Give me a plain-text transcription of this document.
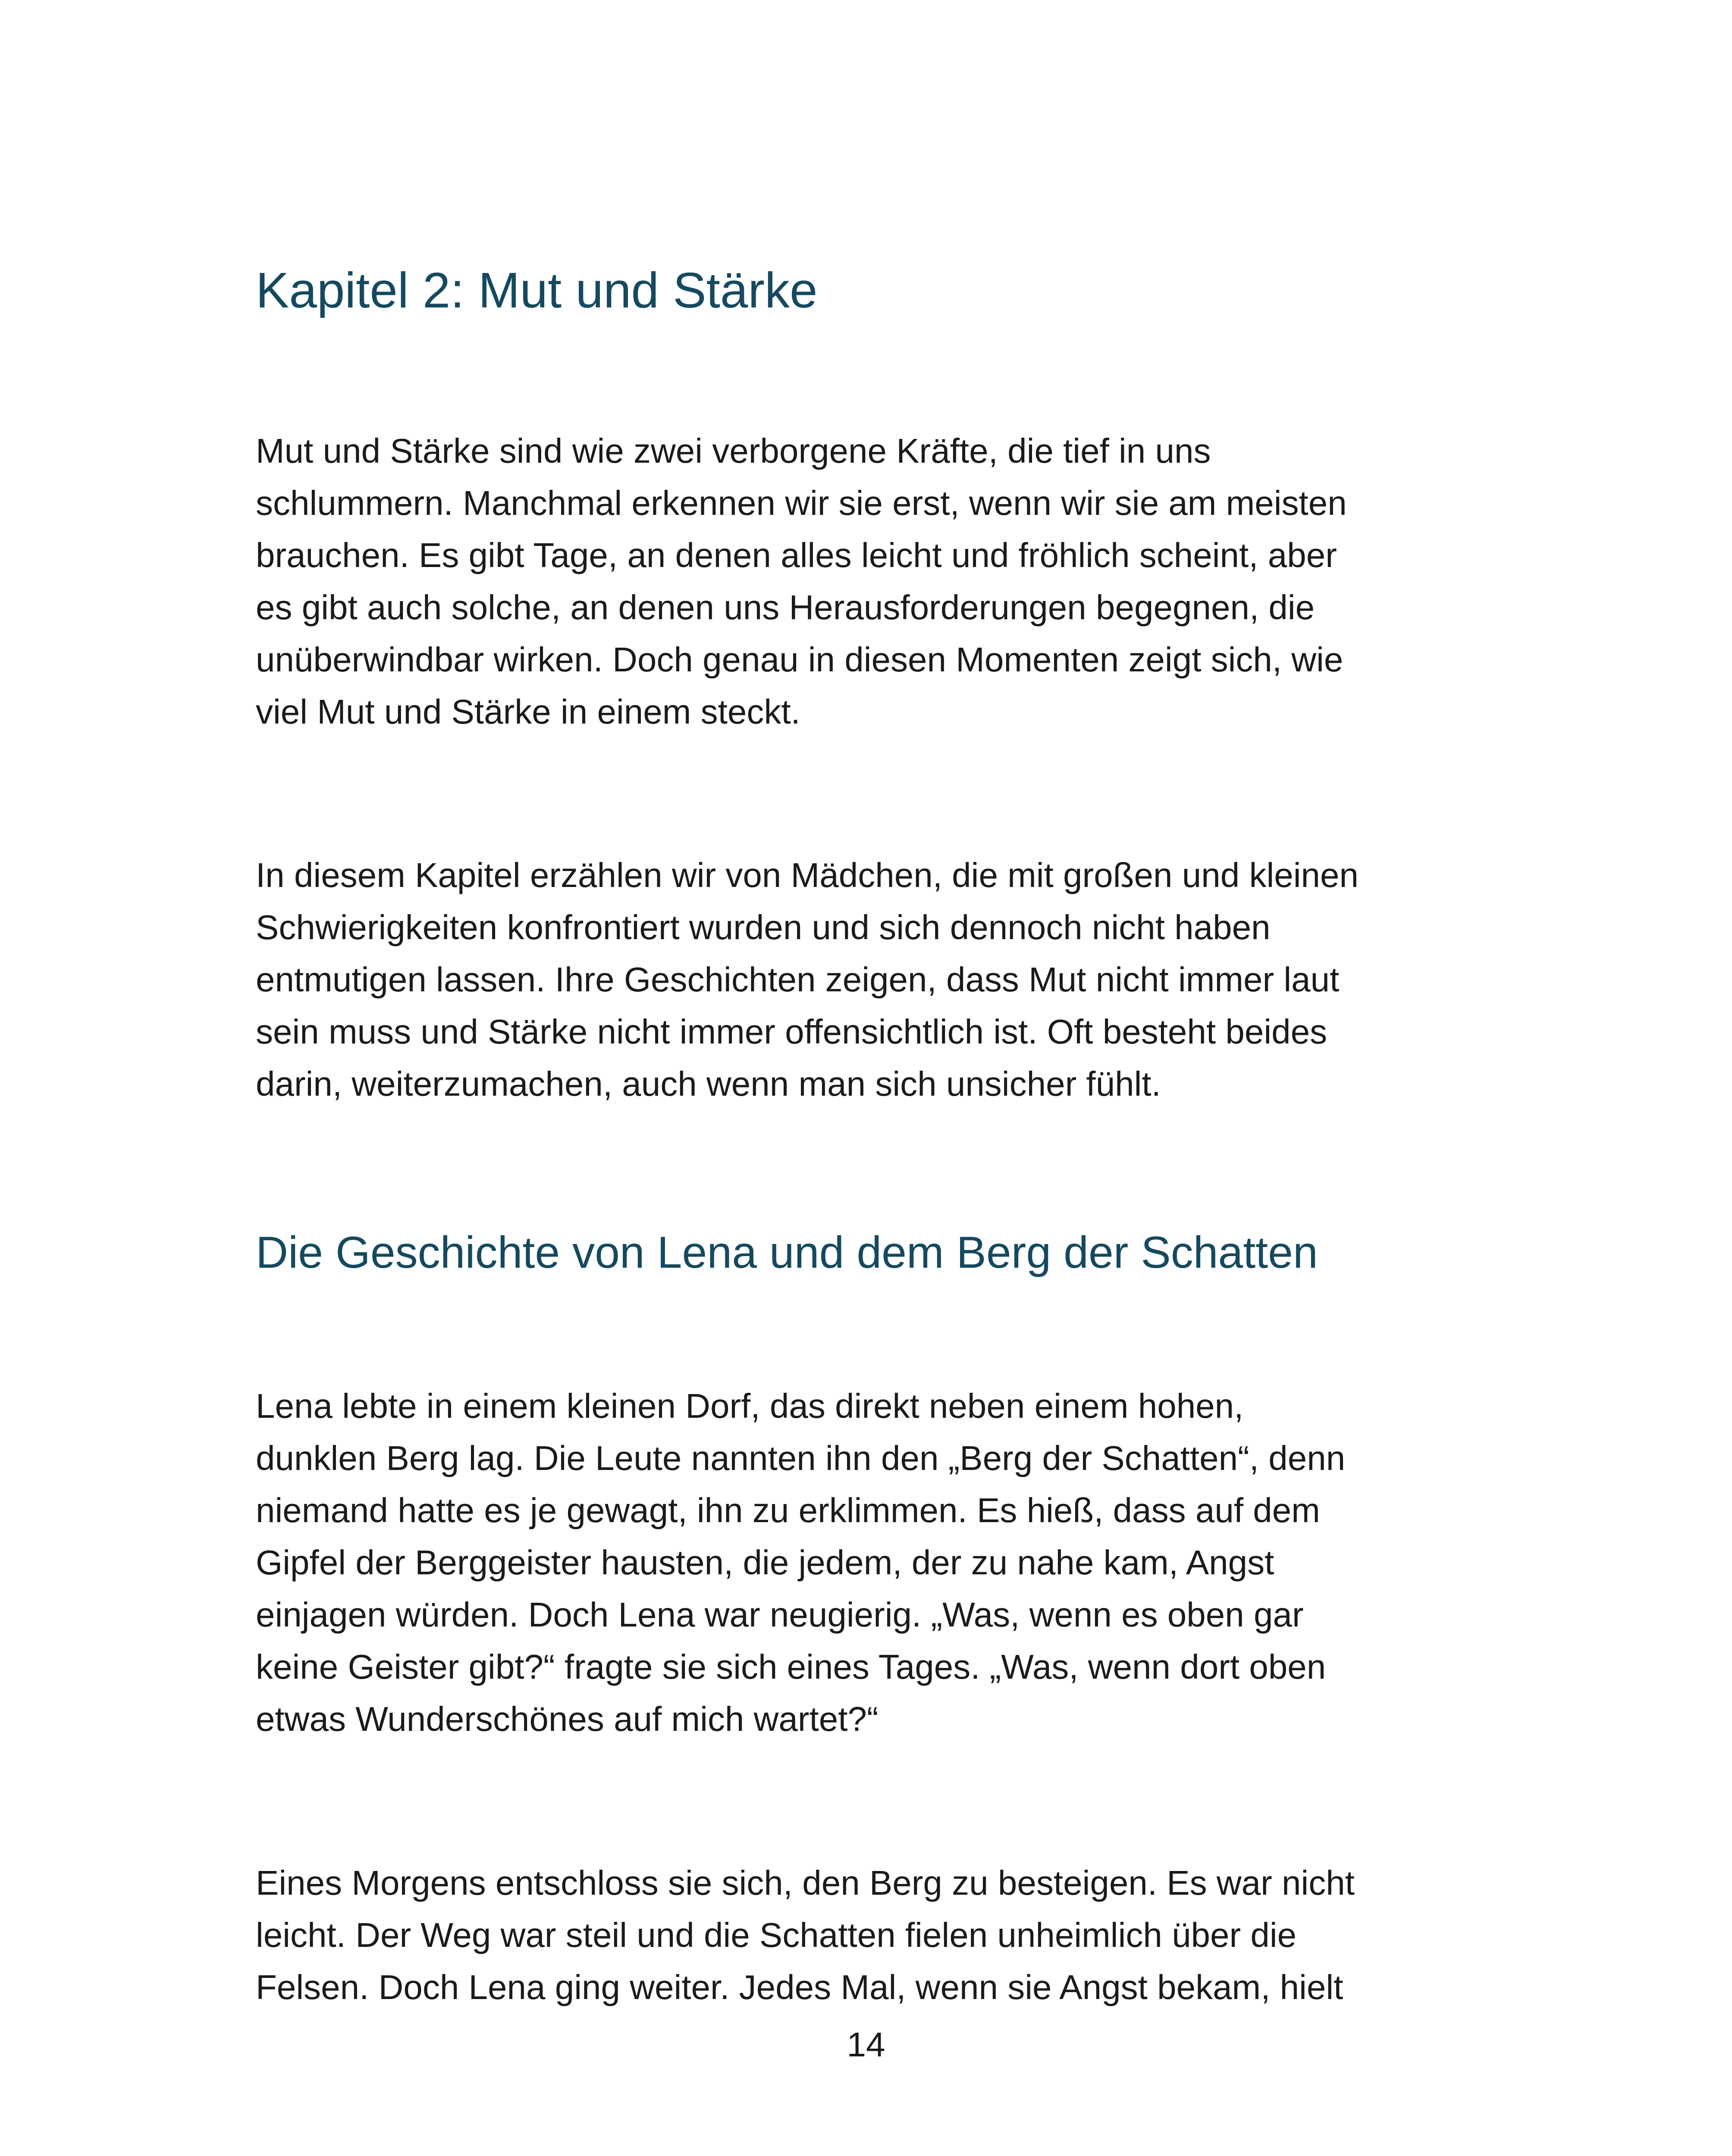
Kapitel 2: Mut und Stärke

Mut und Stärke sind wie zwei verborgene Kräfte, die tief in uns
schlummern. Manchmal erkennen wir sie erst, wenn wir sie am meisten
brauchen. Es gibt Tage, an denen alles leicht und fröhlich scheint, aber
es gibt auch solche, an denen uns Herausforderungen begegnen, die
unüberwindbar wirken. Doch genau in diesen Momenten zeigt sich, wie
viel Mut und Stärke in einem steckt.

In diesem Kapitel erzählen wir von Mädchen, die mit großen und kleinen
Schwierigkeiten konfrontiert wurden und sich dennoch nicht haben
entmutigen lassen. Ihre Geschichten zeigen, dass Mut nicht immer laut
sein muss und Stärke nicht immer offensichtlich ist. Oft besteht beides
darin, weiterzumachen, auch wenn man sich unsicher fühlt.

Die Geschichte von Lena und dem Berg der Schatten

Lena lebte in einem kleinen Dorf, das direkt neben einem hohen,
dunklen Berg lag. Die Leute nannten ihn den „Berg der Schatten“, denn
niemand hatte es je gewagt, ihn zu erklimmen. Es hieß, dass auf dem
Gipfel der Berggeister hausten, die jedem, der zu nahe kam, Angst
einjagen würden. Doch Lena war neugierig. „Was, wenn es oben gar
keine Geister gibt?“ fragte sie sich eines Tages. „Was, wenn dort oben
etwas Wunderschönes auf mich wartet?“

Eines Morgens entschloss sie sich, den Berg zu besteigen. Es war nicht
leicht. Der Weg war steil und die Schatten fielen unheimlich über die
Felsen. Doch Lena ging weiter. Jedes Mal, wenn sie Angst bekam, hielt

14
